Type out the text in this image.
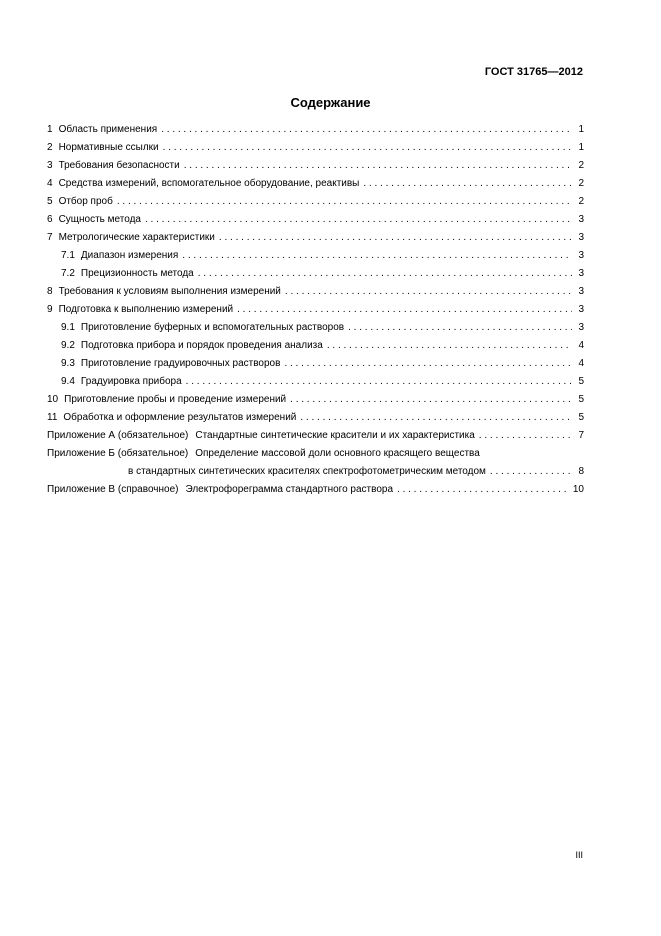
ГОСТ 31765—2012
Содержание
1 Область применения . . .	1
2 Нормативные ссылки . . .	1
3 Требования безопасности . . .	2
4 Средства измерений, вспомогательное оборудование, реактивы . . .	2
5 Отбор проб . . .	2
6 Сущность метода . . .	3
7 Метрологические характеристики . . .	3
7.1 Диапазон измерения . . .	3
7.2 Прецизионность метода . . .	3
8 Требования к условиям выполнения измерений . . .	3
9 Подготовка к выполнению измерений . . .	3
9.1 Приготовление буферных и вспомогательных растворов . . .	3
9.2 Подготовка прибора и порядок проведения анализа . . .	4
9.3 Приготовление градуировочных растворов . . .	4
9.4 Градуировка прибора . . .	5
10 Приготовление пробы и проведение измерений . . .	5
11 Обработка и оформление результатов измерений . . .	5
Приложение А (обязательное) Стандартные синтетические красители и их характеристика . . .	7
Приложение Б (обязательное) Определение массовой доли основного красящего вещества
в стандартных синтетических красителях спектрофотометрическим методом . . .	8
Приложение В (справочное) Электрофореграмма стандартного раствора . . .	10
III
